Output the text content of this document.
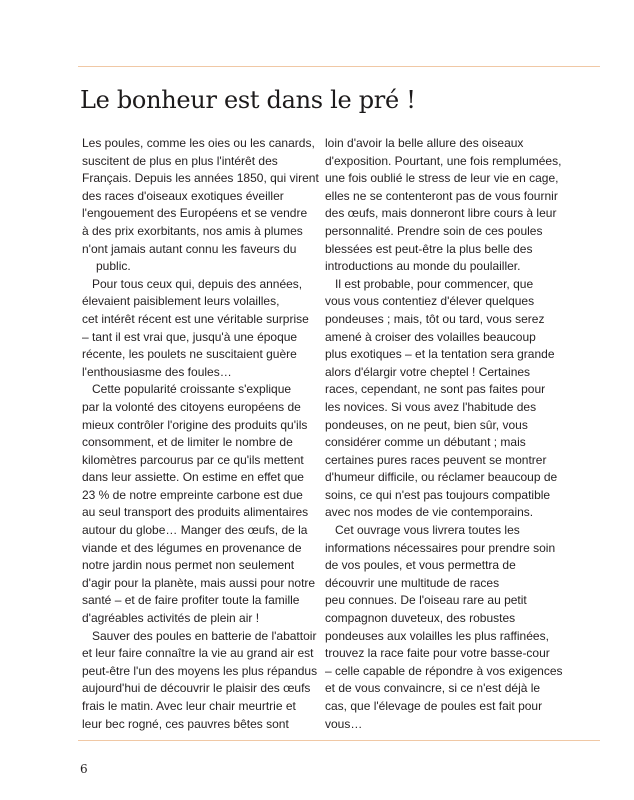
Le bonheur est dans le pré !
Les poules, comme les oies ou les canards,
suscitent de plus en plus l'intérêt des
Français. Depuis les années 1850, qui virent
des races d'oiseaux exotiques éveiller
l'engouement des Européens et se vendre
à des prix exorbitants, nos amis à plumes
n'ont jamais autant connu les faveurs du
public.
Pour tous ceux qui, depuis des années,
élevaient paisiblement leurs volailles,
cet intérêt récent est une véritable surprise
– tant il est vrai que, jusqu'à une époque
récente, les poulets ne suscitaient guère
l'enthousiasme des foules…
Cette popularité croissante s'explique
par la volonté des citoyens européens de
mieux contrôler l'origine des produits qu'ils
consomment, et de limiter le nombre de
kilomètres parcourus par ce qu'ils mettent
dans leur assiette. On estime en effet que
23 % de notre empreinte carbone est due
au seul transport des produits alimentaires
autour du globe… Manger des œufs, de la
viande et des légumes en provenance de
notre jardin nous permet non seulement
d'agir pour la planète, mais aussi pour notre
santé – et de faire profiter toute la famille
d'agréables activités de plein air !
Sauver des poules en batterie de l'abattoir
et leur faire connaître la vie au grand air est
peut-être l'un des moyens les plus répandus
aujourd'hui de découvrir le plaisir des œufs
frais le matin. Avec leur chair meurtrie et
leur bec rogné, ces pauvres bêtes sont
loin d'avoir la belle allure des oiseaux
d'exposition. Pourtant, une fois remplumées,
une fois oublié le stress de leur vie en cage,
elles ne se contenteront pas de vous fournir
des œufs, mais donneront libre cours à leur
personnalité. Prendre soin de ces poules
blessées est peut-être la plus belle des
introductions au monde du poulailler.
Il est probable, pour commencer, que
vous vous contentiez d'élever quelques
pondeuses ; mais, tôt ou tard, vous serez
amené à croiser des volailles beaucoup
plus exotiques – et la tentation sera grande
alors d'élargir votre cheptel ! Certaines
races, cependant, ne sont pas faites pour
les novices. Si vous avez l'habitude des
pondeuses, on ne peut, bien sûr, vous
considérer comme un débutant ; mais
certaines pures races peuvent se montrer
d'humeur difficile, ou réclamer beaucoup de
soins, ce qui n'est pas toujours compatible
avec nos modes de vie contemporains.
Cet ouvrage vous livrera toutes les
informations nécessaires pour prendre soin
de vos poules, et vous permettra de
découvrir une multitude de races
peu connues. De l'oiseau rare au petit
compagnon duveteux, des robustes
pondeuses aux volailles les plus raffinées,
trouvez la race faite pour votre basse-cour
– celle capable de répondre à vos exigences
et de vous convaincre, si ce n'est déjà le
cas, que l'élevage de poules est fait pour
vous…
6
